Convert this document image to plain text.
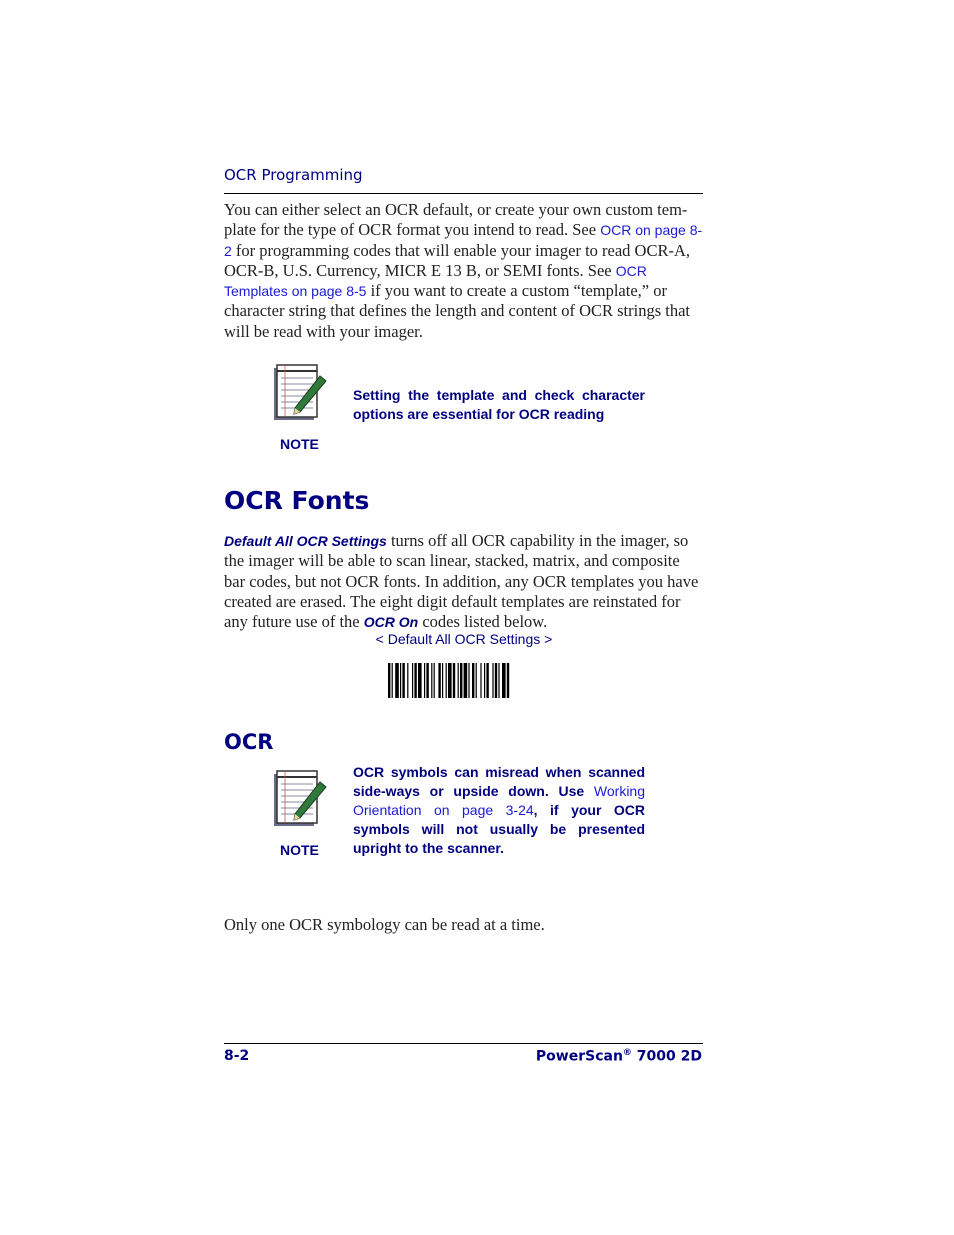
OCR Programming
You can either select an OCR default, or create your own custom tem-plate for the type of OCR format you intend to read. See OCR on page 8-2 for programming codes that will enable your imager to read OCR-A, OCR-B, U.S. Currency, MICR E 13 B, or SEMI fonts. See OCR Templates on page 8-5 if you want to create a custom “template,” or character string that defines the length and content of OCR strings that will be read with your imager.
NOTE
Setting the template and check character options are essential for OCR reading
OCR Fonts
Default All OCR Settings turns off all OCR capability in the imager, so the imager will be able to scan linear, stacked, matrix, and composite bar codes, but not OCR fonts. In addition, any OCR templates you have created are erased. The eight digit default templates are reinstated for any future use of the OCR On codes listed below.
< Default All OCR Settings >
OCR
NOTE
OCR symbols can misread when scanned side-ways or upside down. Use Working Orientation on page 3-24, if your OCR symbols will not usually be presented upright to the scanner.
Only one OCR symbology can be read at a time.
8-2	PowerScan® 7000 2D
